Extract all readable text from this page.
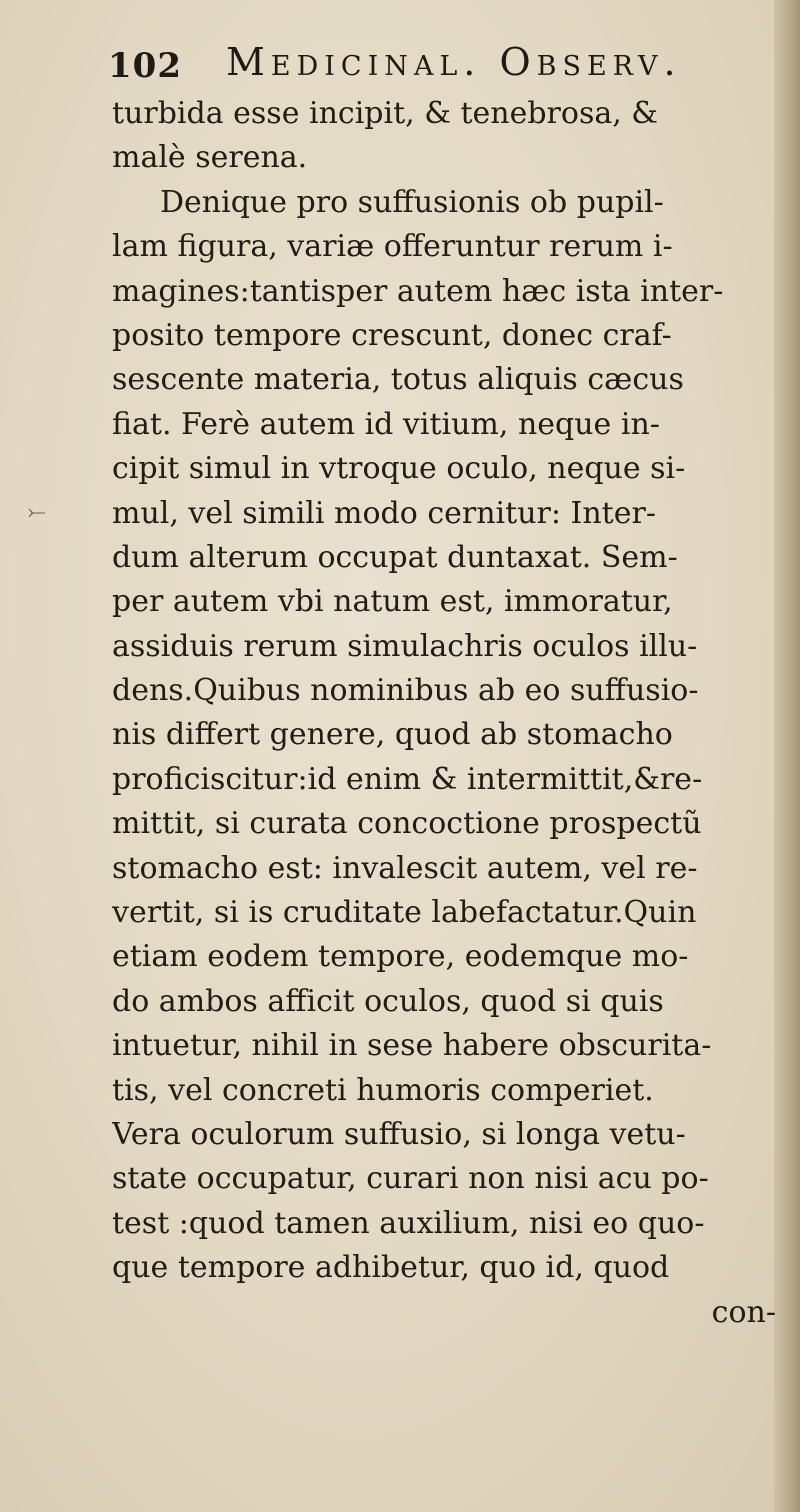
102 Medicinal. Observ.
⤚
turbida esse incipit, & tenebrosa, &
malè serena.
Denique pro suffusionis ob pupil-
lam figura, variæ offeruntur rerum i-
magines:tantisper autem hæc ista inter-
posito tempore crescunt, donec craf-
sescente materia, totus aliquis cæcus
fiat. Ferè autem id vitium, neque in-
cipit simul in vtroque oculo, neque si-
mul, vel simili modo cernitur: Inter-
dum alterum occupat duntaxat. Sem-
per autem vbi natum est, immoratur,
assiduis rerum simulachris oculos illu-
dens.Quibus nominibus ab eo suffusio-
nis differt genere, quod ab stomacho
proficiscitur:id enim & intermittit,&re-
mittit, si curata concoctione prospectũ
stomacho est: invalescit autem, vel re-
vertit, si is cruditate labefactatur.Quin
etiam eodem tempore, eodemque mo-
do ambos afficit oculos, quod si quis
intuetur, nihil in sese habere obscurita-
tis, vel concreti humoris comperiet.
Vera oculorum suffusio, si longa vetu-
state occupatur, curari non nisi acu po-
test :quod tamen auxilium, nisi eo quo-
que tempore adhibetur, quo id, quod
con-
